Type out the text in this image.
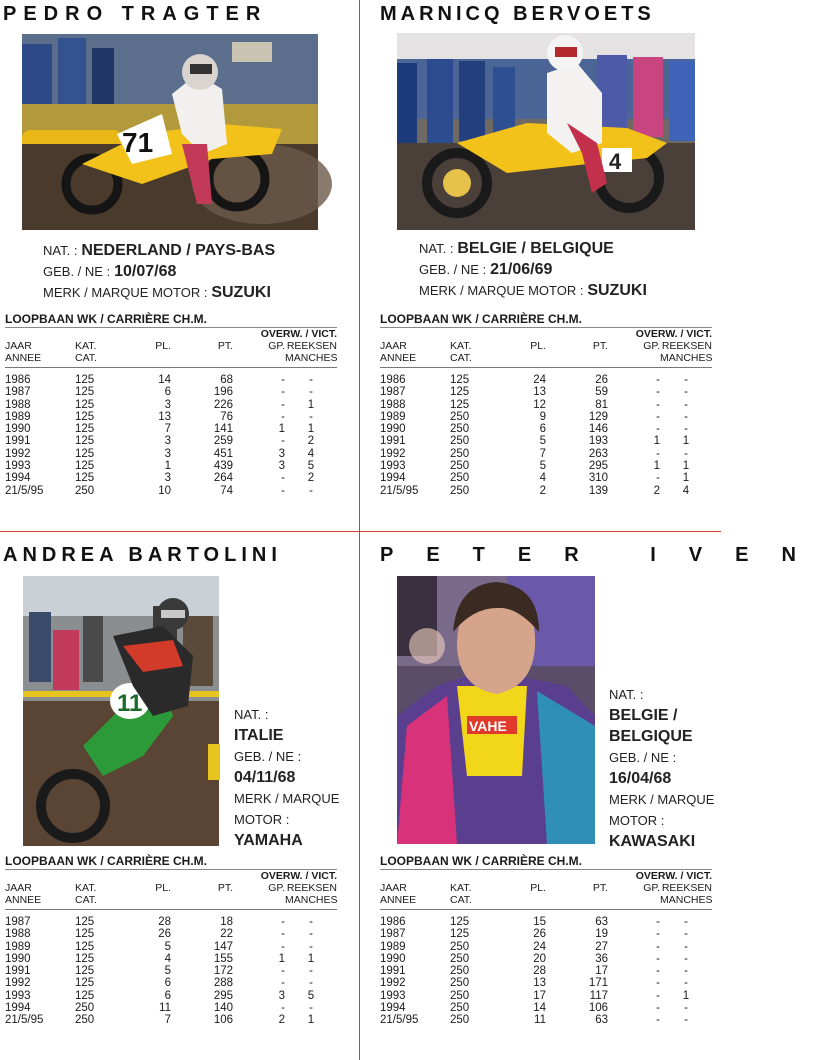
PEDRO TRAGTER
71
NAT. : NEDERLAND / PAYS-BAS
GEB. / NE : 10/07/68
MERK / MARQUE MOTOR : SUZUKI
LOOPBAAN WK / CARRIÈRE CH.M.
				OVERW. / VICT.	
JAAR	KAT.	PL.	PT.	GP.	REEKSEN
ANNEE	CAT.				MANCHES
1986	125	14	68	-	-
1987	125	6	196	-	-
1988	125	3	226	-	1
1989	125	13	76	-	-
1990	125	7	141	1	1
1991	125	3	259	-	2
1992	125	3	451	3	4
1993	125	1	439	3	5
1994	125	3	264	-	2
21/5/95	250	10	74	-	-
MARNICQ BERVOETS
4
NAT. : BELGIE / BELGIQUE
GEB. / NE : 21/06/69
MERK / MARQUE MOTOR : SUZUKI
LOOPBAAN WK / CARRIÈRE CH.M.
				OVERW. / VICT.	
JAAR	KAT.	PL.	PT.	GP.	REEKSEN
ANNEE	CAT.				MANCHES
1986	125	24	26	-	-
1987	125	13	59	-	-
1988	125	12	81	-	-
1989	250	9	129	-	-
1990	250	6	146	-	-
1991	250	5	193	1	1
1992	250	7	263	-	-
1993	250	5	295	1	1
1994	250	4	310	-	1
21/5/95	250	2	139	2	4
ANDREA BARTOLINI
11	NAT. :
ITALIE
GEB. / NE :
04/11/68
MERK / MARQUE
MOTOR :
YAMAHA
LOOPBAAN WK / CARRIÈRE CH.M.
				OVERW. / VICT.	
JAAR	KAT.	PL.	PT.	GP.	REEKSEN
ANNEE	CAT.				MANCHES
1987	125	28	18	-	-
1988	125	26	22	-	-
1989	125	5	147	-	-
1990	125	4	155	1	1
1991	125	5	172	-	-
1992	125	6	288	-	-
1993	125	6	295	3	5
1994	250	11	140	-	-
21/5/95	250	7	106	2	1
PETER IVEN
VAHE
NAT. :
BELGIE /
BELGIQUE
GEB. / NE :
16/04/68
MERK / MARQUE
MOTOR :
KAWASAKI
LOOPBAAN WK / CARRIÈRE CH.M.
				OVERW. / VICT.	
JAAR	KAT.	PL.	PT.	GP.	REEKSEN
ANNEE	CAT.				MANCHES
1986	125	15	63	-	-
1987	125	26	19	-	-
1989	250	24	27	-	-
1990	250	20	36	-	-
1991	250	28	17	-	-
1992	250	13	171	-	-
1993	250	17	117	-	1
1994	250	14	106	-	-
21/5/95	250	11	63	-	-
